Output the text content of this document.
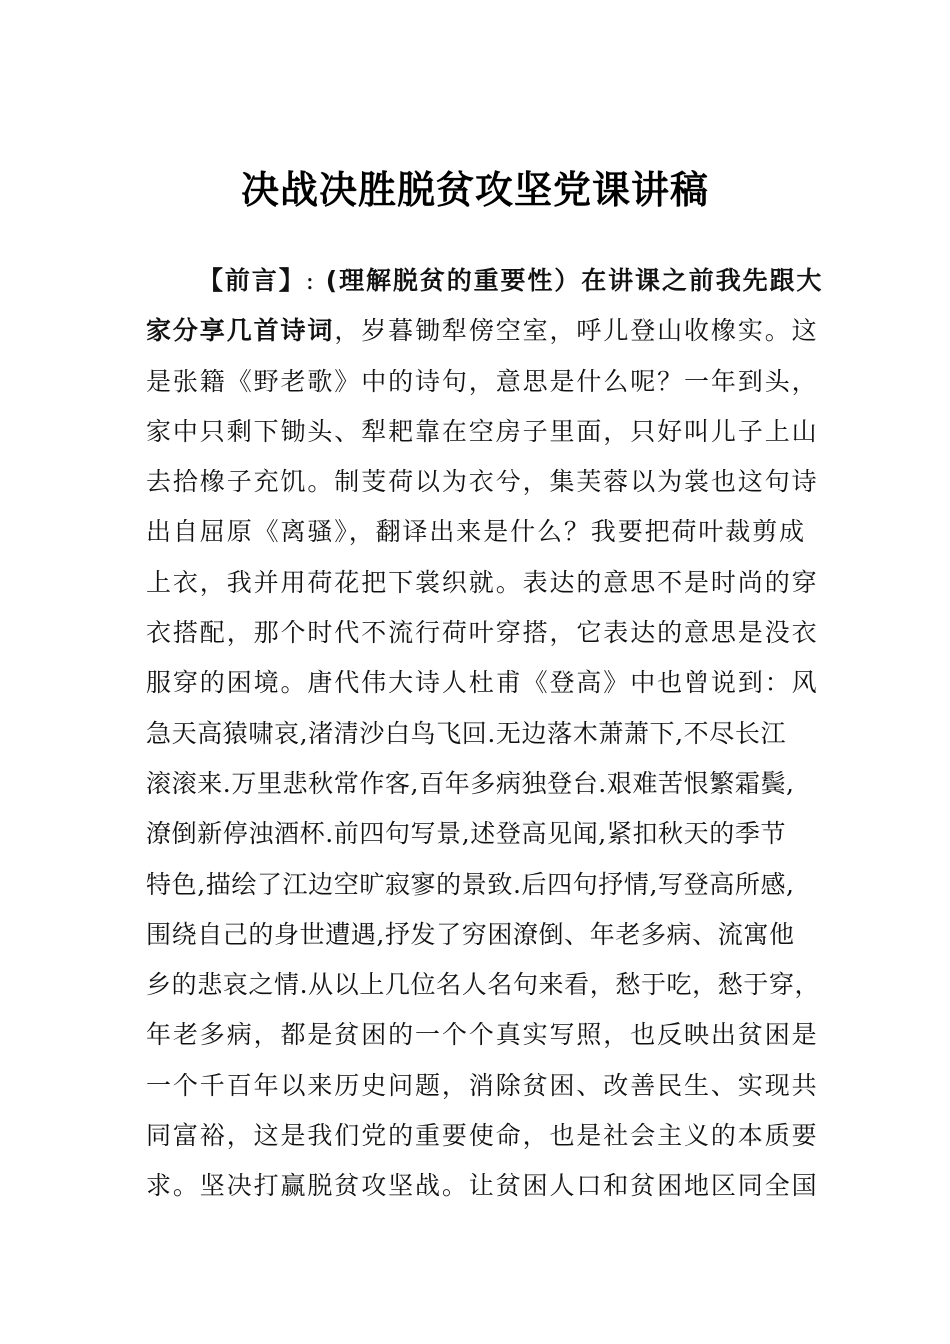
决战决胜脱贫攻坚党课讲稿
【前言】: (理解脱贫的重要性）在讲课之前我先跟大
家分享几首诗词，岁暮锄犁傍空室，呼儿登山收橡实。这
是张籍《野老歌》中的诗句，意思是什么呢？一年到头，
家中只剩下锄头、犁耙靠在空房子里面，只好叫儿子上山
去拾橡子充饥。制芰荷以为衣兮，集芙蓉以为裳也这句诗
出自屈原《离骚》，翻译出来是什么？我要把荷叶裁剪成
上衣，我并用荷花把下裳织就。表达的意思不是时尚的穿
衣搭配，那个时代不流行荷叶穿搭，它表达的意思是没衣
服穿的困境。唐代伟大诗人杜甫《登高》中也曾说到：风
急天高猿啸哀,渚清沙白鸟飞回.无边落木萧萧下,不尽长江
滚滚来.万里悲秋常作客,百年多病独登台.艰难苦恨繁霜鬓,
潦倒新停浊酒杯.前四句写景,述登高见闻,紧扣秋天的季节
特色,描绘了江边空旷寂寥的景致.后四句抒情,写登高所感,
围绕自己的身世遭遇,抒发了穷困潦倒、年老多病、流寓他
乡的悲哀之情.从以上几位名人名句来看，愁于吃，愁于穿，
年老多病，都是贫困的一个个真实写照，也反映出贫困是
一个千百年以来历史问题，消除贫困、改善民生、实现共
同富裕，这是我们党的重要使命，也是社会主义的本质要
求。坚决打赢脱贫攻坚战。让贫困人口和贫困地区同全国
